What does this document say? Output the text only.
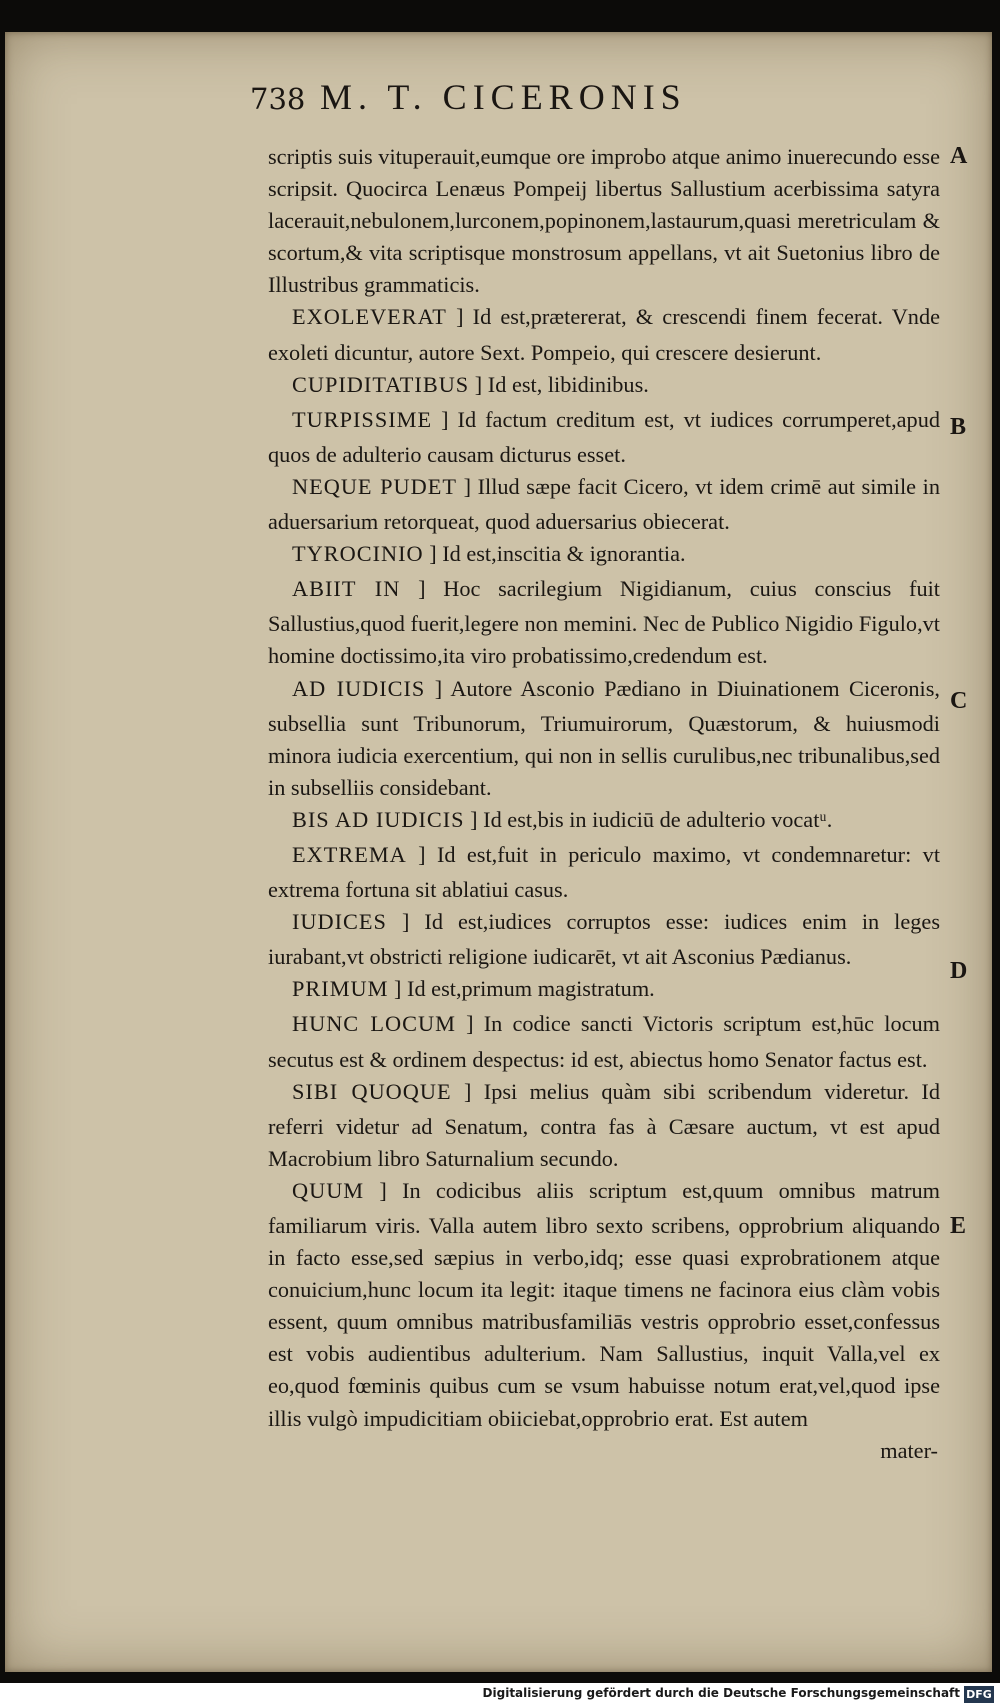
738 M. T. CICERONIS

scriptis suis vituperauit,eumque ore improbo atque animo inuerecundo esse scripsit. Quocirca Lenæus Pompeij libertus Sallustium acerbissima satyra lacerauit,nebulonem,lurconem,popinonem,lastaurum,quasi meretriculam & scortum,& vita scriptisque monstrosum appellans, vt ait Suetonius libro de Illustribus grammaticis.

EXOLEVERAT ] Id est,prætererat, & crescendi finem fecerat. Vnde exoleti dicuntur, autore Sext. Pompeio, qui crescere desierunt.

CUPIDITATIBUS ] Id est, libidinibus.

TURPISSIME ] Id factum creditum est, vt iudices corrumperet,apud quos de adulterio causam dicturus esset.

NEQUE PUDET ] Illud sæpe facit Cicero, vt idem crimē aut simile in aduersarium retorqueat, quod aduersarius obiecerat.

TYROCINIO ] Id est,inscitia & ignorantia.

ABIIT IN ] Hoc sacrilegium Nigidianum, cuius conscius fuit Sallustius,quod fuerit,legere non memini. Nec de Publico Nigidio Figulo,vt homine doctissimo,ita viro probatissimo,credendum est.

AD IUDICIS ] Autore Asconio Pædiano in Diuinationem Ciceronis, subsellia sunt Tribunorum, Triumuirorum, Quæstorum, & huiusmodi minora iudicia exercentium, qui non in sellis curulibus,nec tribunalibus,sed in subselliis considebant.

BIS AD IUDICIS ] Id est,bis in iudiciū de adulterio vocatᵘ.

EXTREMA ] Id est,fuit in periculo maximo, vt condemnaretur: vt extrema fortuna sit ablatiui casus.

IUDICES ] Id est,iudices corruptos esse: iudices enim in leges iurabant,vt obstricti religione iudicarēt, vt ait Asconius Pædianus.

PRIMUM ] Id est,primum magistratum.

HUNC LOCUM ] In codice sancti Victoris scriptum est,hūc locum secutus est & ordinem despectus: id est, abiectus homo Senator factus est.

SIBI QUOQUE ] Ipsi melius quàm sibi scribendum videretur. Id referri videtur ad Senatum, contra fas à Cæsare auctum, vt est apud Macrobium libro Saturnalium secundo.

QUUM ] In codicibus aliis scriptum est,quum omnibus matrum familiarum viris. Valla autem libro sexto scribens, opprobrium aliquando in facto esse,sed sæpius in verbo,idq; esse quasi exprobrationem atque conuicium,hunc locum ita legit: itaque timens ne facinora eius clàm vobis essent, quum omnibus matribusfamiliās vestris opprobrio esset,confessus est vobis audientibus adulterium. Nam Sallustius, inquit Valla,vel ex eo,quod fœminis quibus cum se vsum habuisse notum erat,vel,quod ipse illis vulgò impudicitiam obiiciebat,opprobrio erat. Est autem

mater-

A
B
C
D
E
Digitalisierung gefördert durch die Deutsche Forschungsgemeinschaft DFG
